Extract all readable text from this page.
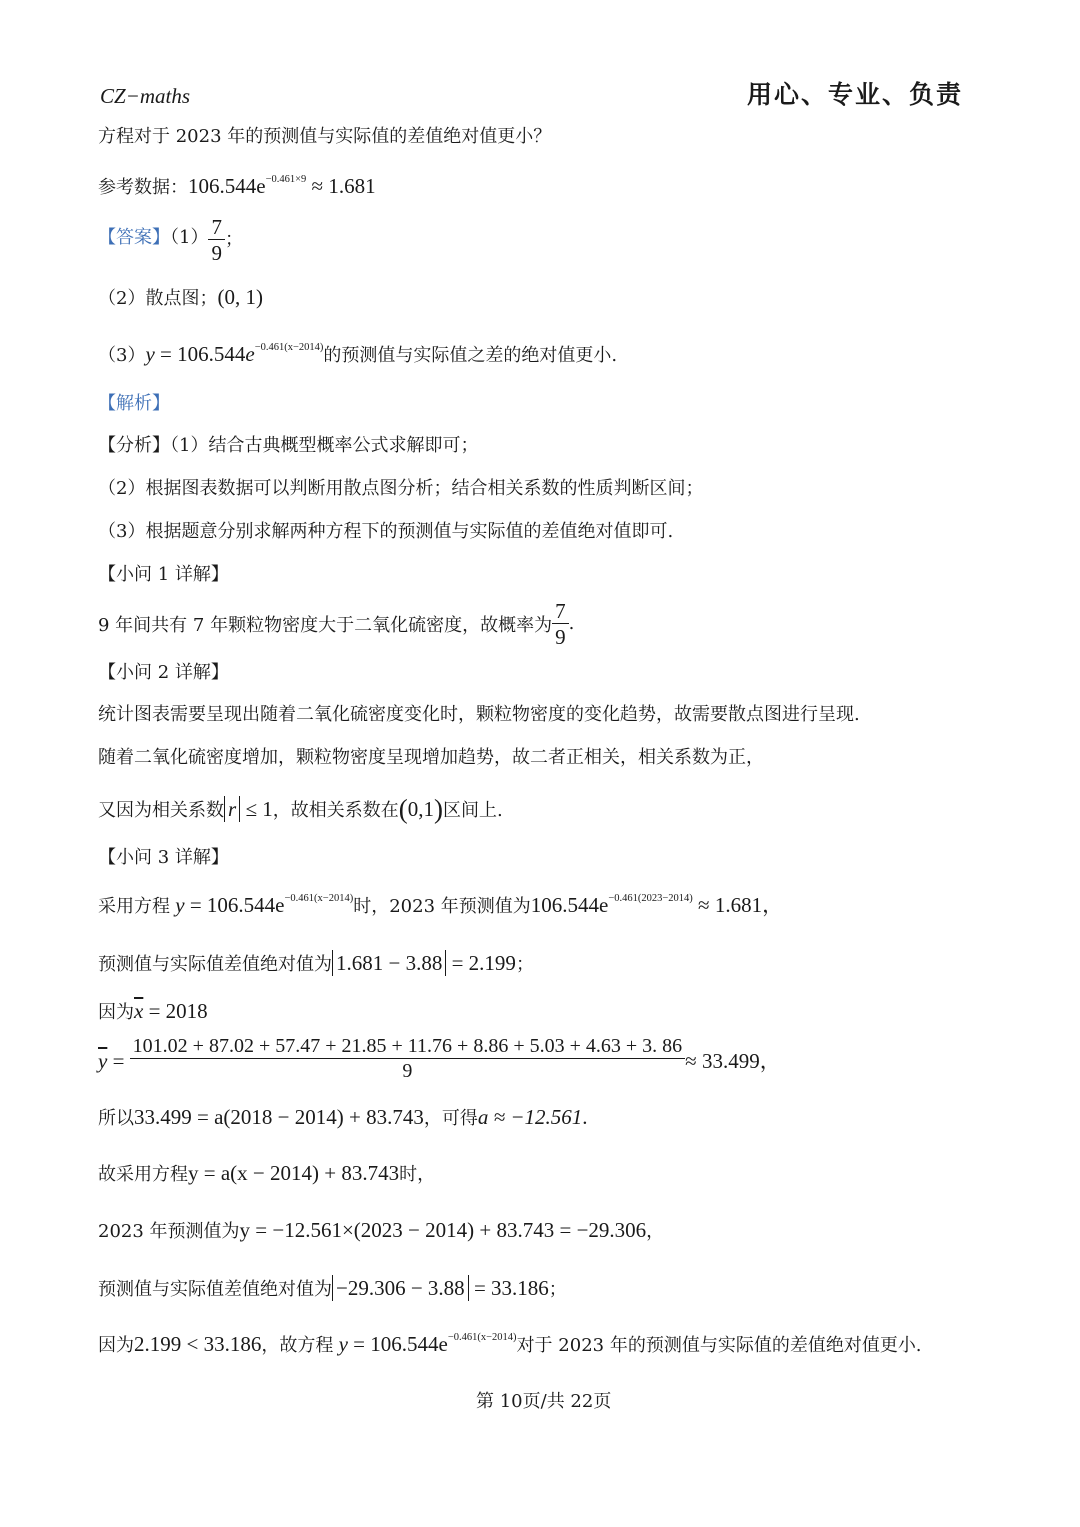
CZ−maths	用心、专业、负责
方程对于 2023 年的预测值与实际值的差值绝对值更小？
参考数据：$106.544e^{-0.461\times 9} \approx 1.681$
【答案】$(1) \frac{7}{9}$ ；
（2）散点图；(0, 1)
$(3)y = 106.544e^{-0.461(x-2014)}$的预测值与实际值之差的绝对值更小.
【解析】
【分析】（1）结合古典概型概率公式求解即可；
（2）根据图表数据可以判断用散点图分析；结合相关系数的性质判断区间；
（3）根据题意分别求解两种方程下的预测值与实际值的差值绝对值即可.
【小问 1 详解】
9 年间共有 7 年颗粒物密度大于二氧化硫密度，故概率为 $\frac{7}{9}$ .
【小问 2 详解】
统计图表需要呈现出随着二氧化硫密度变化时，颗粒物密度的变化趋势，故需要散点图进行呈现.
随着二氧化硫密度增加，颗粒物密度呈现增加趋势，故二者正相关，相关系数为正，
又因为相关系数 r ≤ 1，故相关系数在(0,1)区间上.
【小问 3 详解】
采用方程 $y = 106.544e^{-0.461(x-2014)}$时，2023 年预测值为$106.544e^{-0.461(2023-2014)} \approx 1.681$，
预测值与实际值差值绝对值为 1.681 − 3.88 = 2.199；
因为$\overline{x} = 2018$
$\overline{y}$ =
101.02 + 87.02 + 57.47 + 21.85 + 11.76 + 8.86 + 5.03 + 4.63 + 3. 86
9	≈ 33.499，
所以33.499 = a(2018 − 2014) + 83.743，可得a ≈ −12.561.
故采用方程y = a(x − 2014) + 83.743时，
2023 年预测值为y = −12.561×(2023 − 2014) + 83.743 = −29.306，
预测值与实际值差值绝对值为 −29.306 − 3.88 = 33.186；
因为2.199 < 33.186，故方程 $y = 106.544e^{-0.461(x-2014)}$对于 2023 年的预测值与实际值的差值绝对值更小.
第 10页/共 22页
